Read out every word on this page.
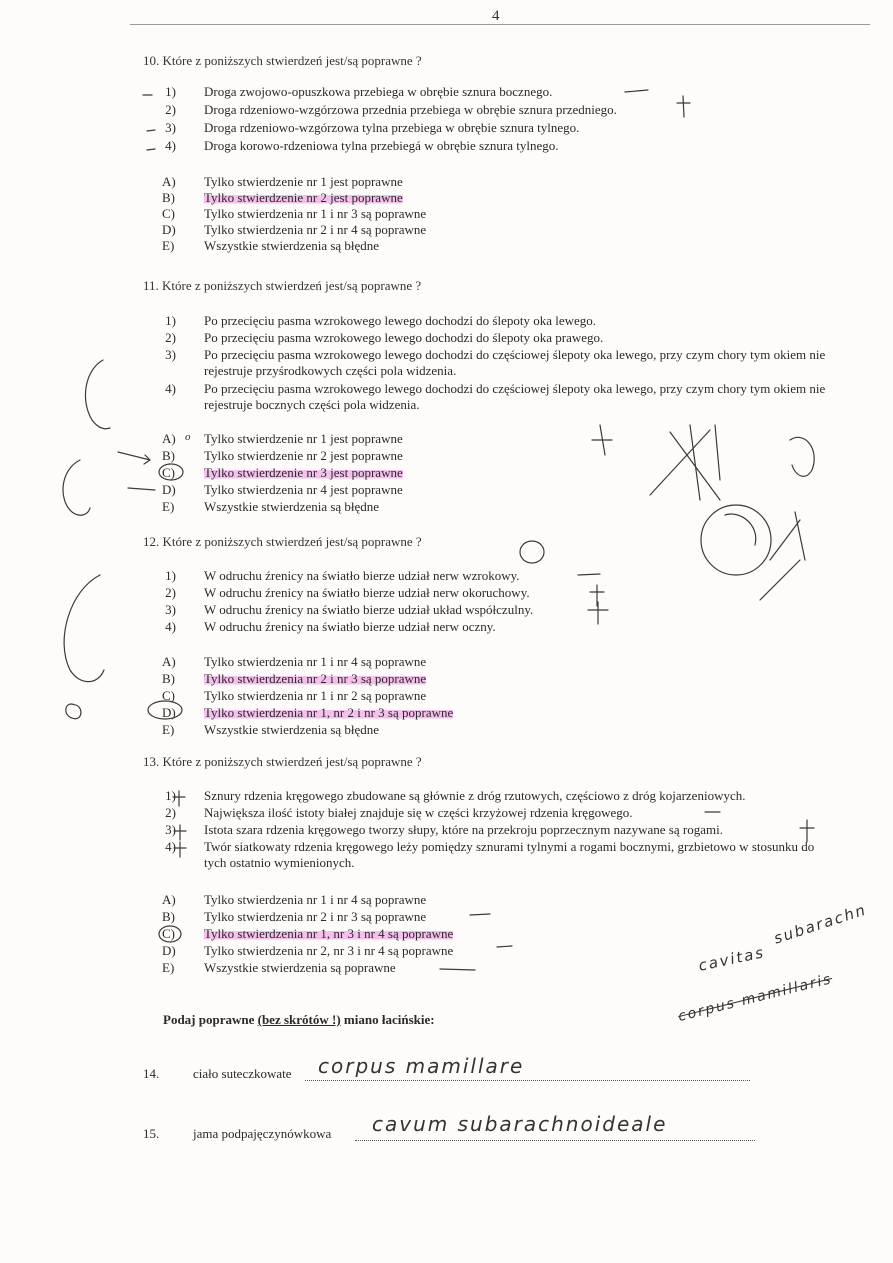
4
10. Które z poniższych stwierdzeń jest/są poprawne ?
1) Droga zwojowo-opuszkowa przebiega w obrębie sznura bocznego.
2) Droga rdzeniowo-wzgórzowa przednia przebiega w obrębie sznura przedniego.
3) Droga rdzeniowo-wzgórzowa tylna przebiega w obrębie sznura tylnego.
4) Droga korowo-rdzeniowa tylna przebiegá w obrębie sznura tylnego.
A)	Tylko stwierdzenie nr 1 jest poprawne
B)	Tylko stwierdzenie nr 2 jest poprawne
C)	Tylko stwierdzenia nr 1 i nr 3 są poprawne
D)	Tylko stwierdzenia nr 2 i nr 4 są poprawne
E)	Wszystkie stwierdzenia są błędne
11. Które z poniższych stwierdzeń jest/są poprawne ?
1) Po przecięciu pasma wzrokowego lewego dochodzi do ślepoty oka lewego.
2) Po przecięciu pasma wzrokowego lewego dochodzi do ślepoty oka prawego.
3) Po przecięciu pasma wzrokowego lewego dochodzi do częściowej ślepoty oka lewego, przy czym chory tym okiem nie rejestruje przyśrodkowych części pola widzenia.
4) Po przecięciu pasma wzrokowego lewego dochodzi do częściowej ślepoty oka lewego, przy czym chory tym okiem nie rejestruje bocznych części pola widzenia.
A)	Tylko stwierdzenie nr 1 jest poprawne
B)	Tylko stwierdzenie nr 2 jest poprawne
C)	Tylko stwierdzenie nr 3 jest poprawne
D)	Tylko stwierdzenia nr 4 jest poprawne
E)	Wszystkie stwierdzenia są błędne
o
12. Które z poniższych stwierdzeń jest/są poprawne ?
1) W odruchu źrenicy na światło bierze udział nerw wzrokowy.
2) W odruchu źrenicy na światło bierze udział nerw okoruchowy.
3) W odruchu źrenicy na światło bierze udział układ współczulny.
4) W odruchu źrenicy na światło bierze udział nerw oczny.
A)	Tylko stwierdzenia nr 1 i nr 4 są poprawne
B)	Tylko stwierdzenia nr 2 i nr 3 są poprawne
C)	Tylko stwierdzenia nr 1 i nr 2 są poprawne
D)	Tylko stwierdzenia nr 1, nr 2 i nr 3 są poprawne
E)	Wszystkie stwierdzenia są błędne
13. Które z poniższych stwierdzeń jest/są poprawne ?
1) Sznury rdzenia kręgowego zbudowane są głównie z dróg rzutowych, częściowo z dróg kojarzeniowych.
2) Największa ilość istoty białej znajduje się w części krzyżowej rdzenia kręgowego.
3) Istota szara rdzenia kręgowego tworzy słupy, które na przekroju poprzecznym nazywane są rogami.
4) Twór siatkowaty rdzenia kręgowego leży pomiędzy sznurami tylnymi a rogami bocznymi, grzbietowo w stosunku do tych ostatnio wymienionych.
A)	Tylko stwierdzenia nr 1 i nr 4 są poprawne
B)	Tylko stwierdzenia nr 2 i nr 3 są poprawne
C)	Tylko stwierdzenia nr 1, nr 3 i nr 4 są poprawne
D)	Tylko stwierdzenia nr 2, nr 3 i nr 4 są poprawne
E)	Wszystkie stwierdzenia są poprawne
subarachn
cavitas
corpus mamillaris
Podaj poprawne (bez skrótów !) miano łacińskie:
14.	ciało suteczkowate corpus mamillare
15.	jama podpajęczynówkowa cavum subarachnoideale
